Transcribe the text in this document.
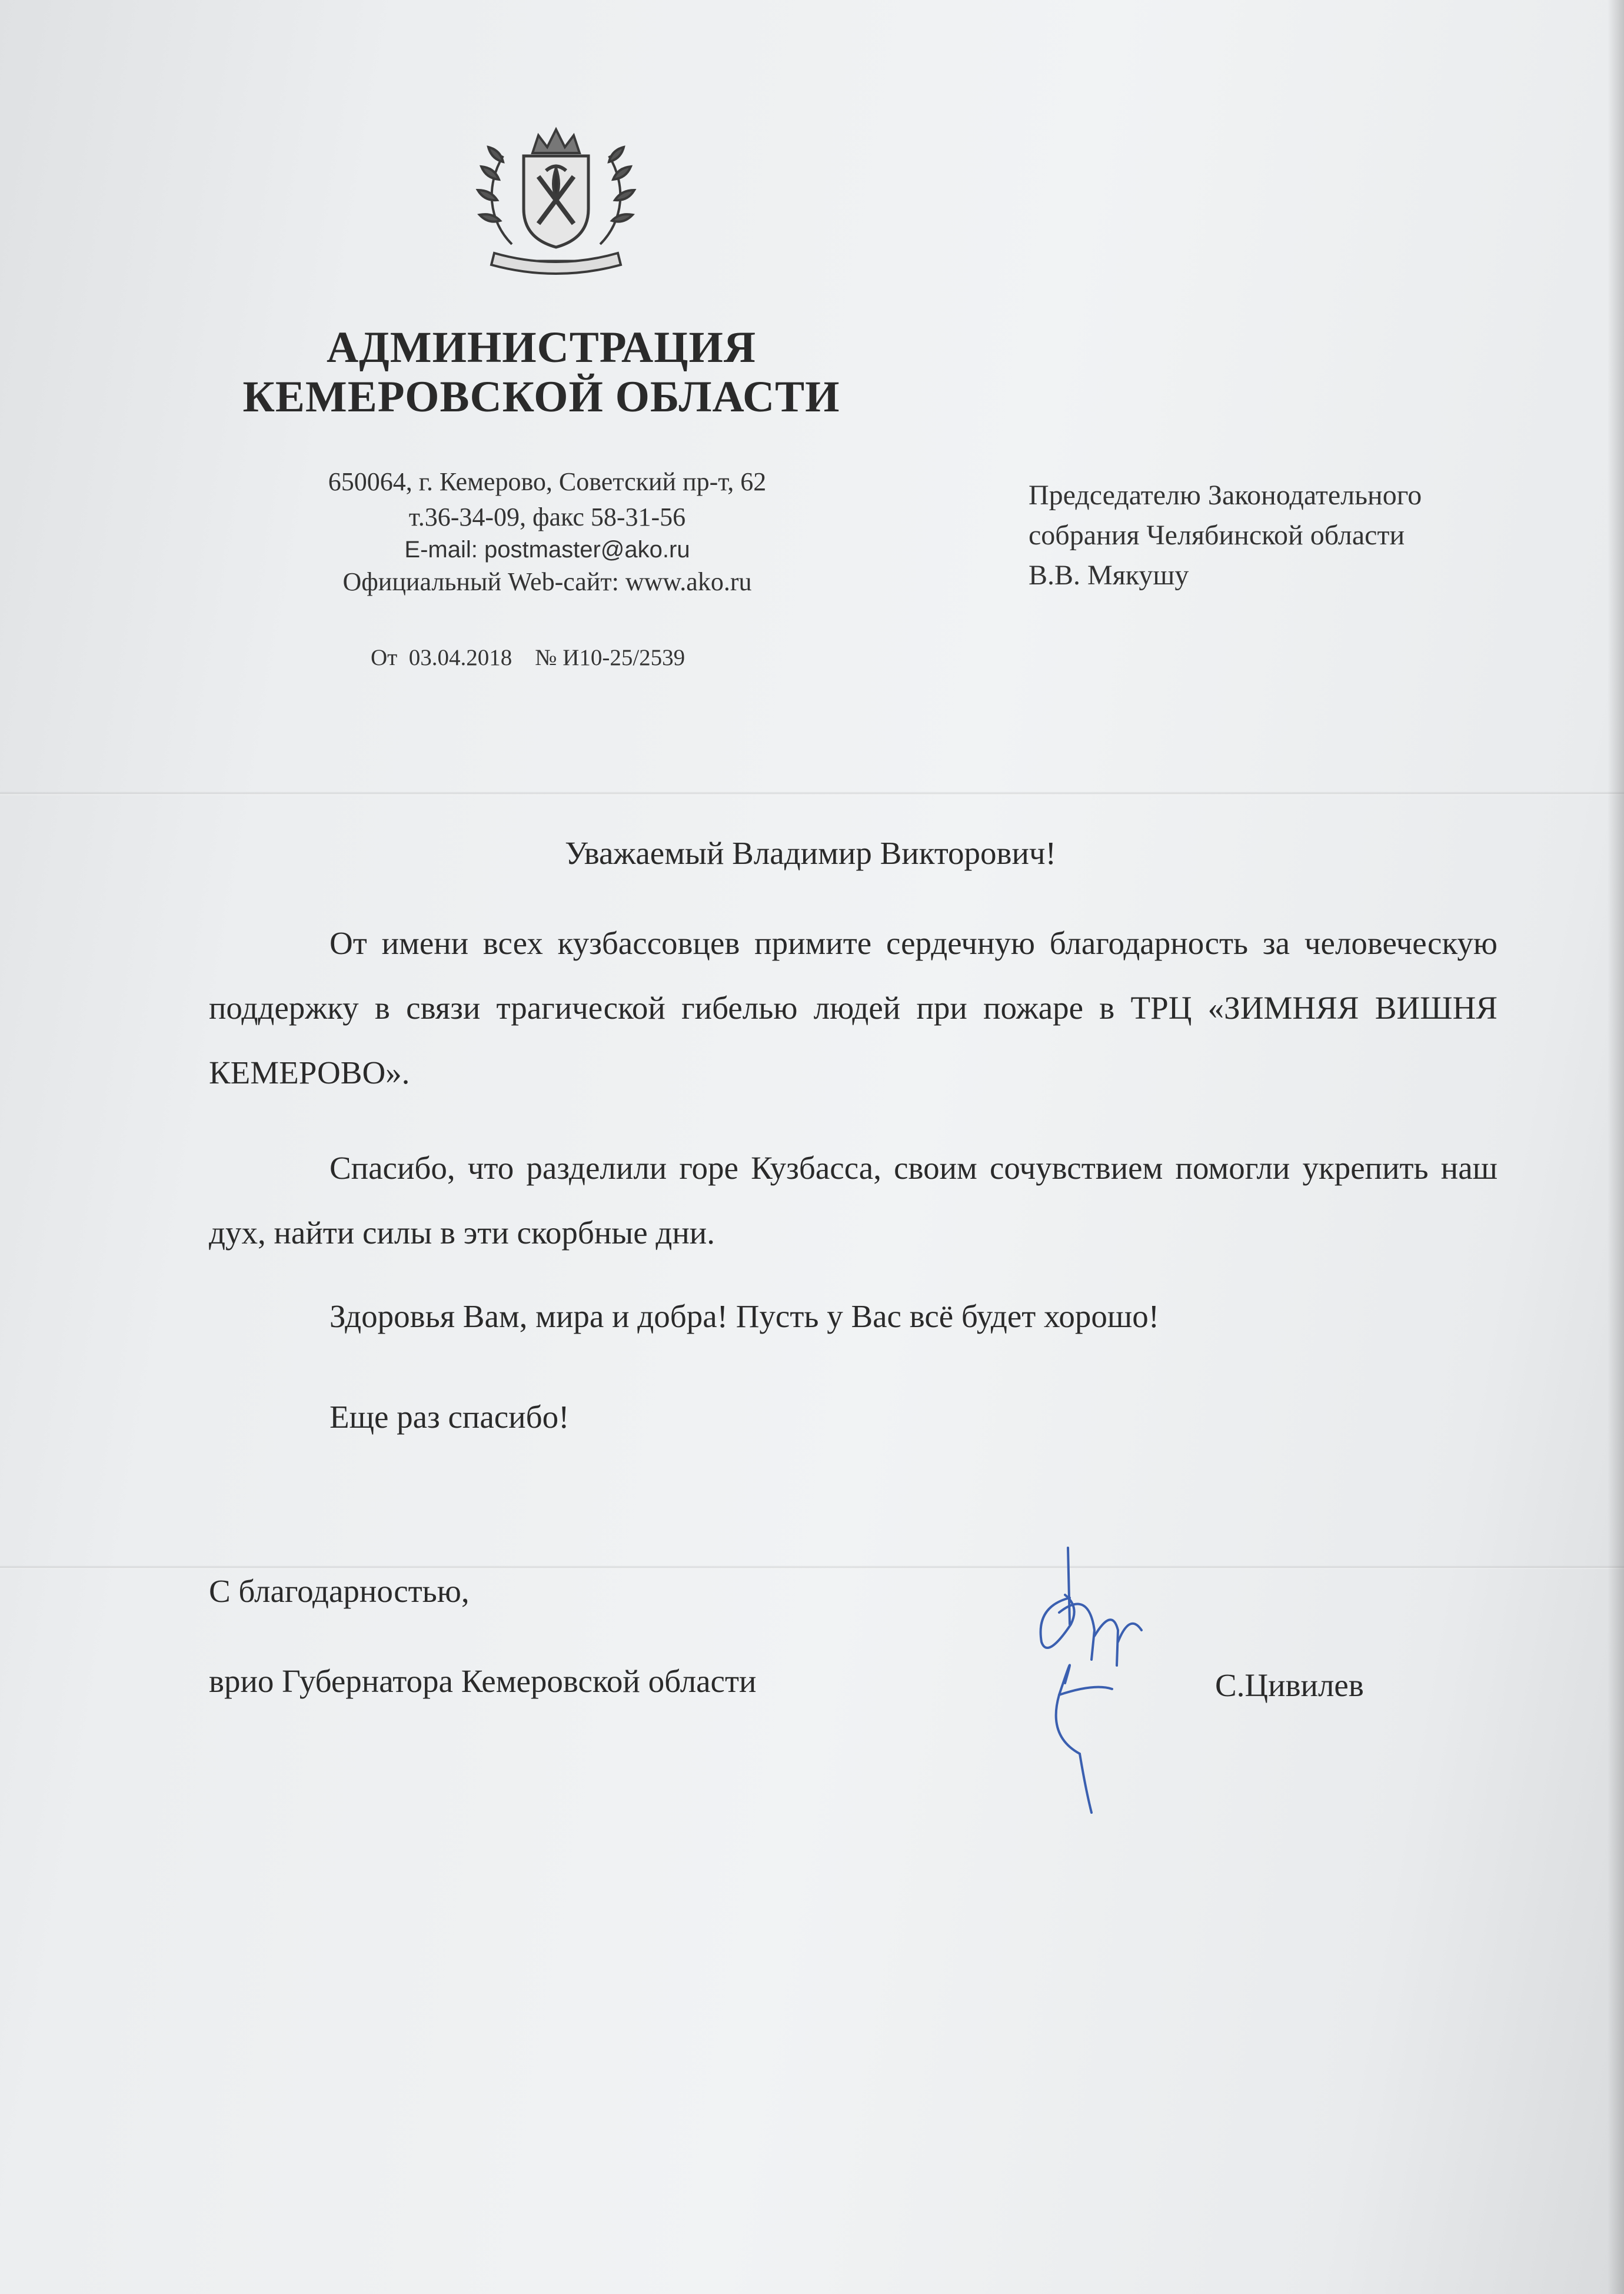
АДМИНИСТРАЦИЯ
КЕМЕРОВСКОЙ ОБЛАСТИ
650064, г. Кемерово, Советский пр-т, 62
т.36-34-09, факс 58-31-56
E-mail: postmaster@ako.ru
Официальный Web-сайт: www.ako.ru
От 03.04.2018 № И10-25/2539
Председателю Законодательного
собрания Челябинской области
В.В. Мякушу
Уважаемый Владимир Викторович!
От имени всех кузбассовцев примите сердечную благодарность за человеческую поддержку в связи трагической гибелью людей при пожаре в ТРЦ «ЗИМНЯЯ ВИШНЯ КЕМЕРОВО».
Спасибо, что разделили горе Кузбасса, своим сочувствием помогли укрепить наш дух, найти силы в эти скорбные дни.
Здоровья Вам, мира и добра! Пусть у Вас всё будет хорошо!
Еще раз спасибо!
С благодарностью,
врио Губернатора Кемеровской области	С.Цивилев
